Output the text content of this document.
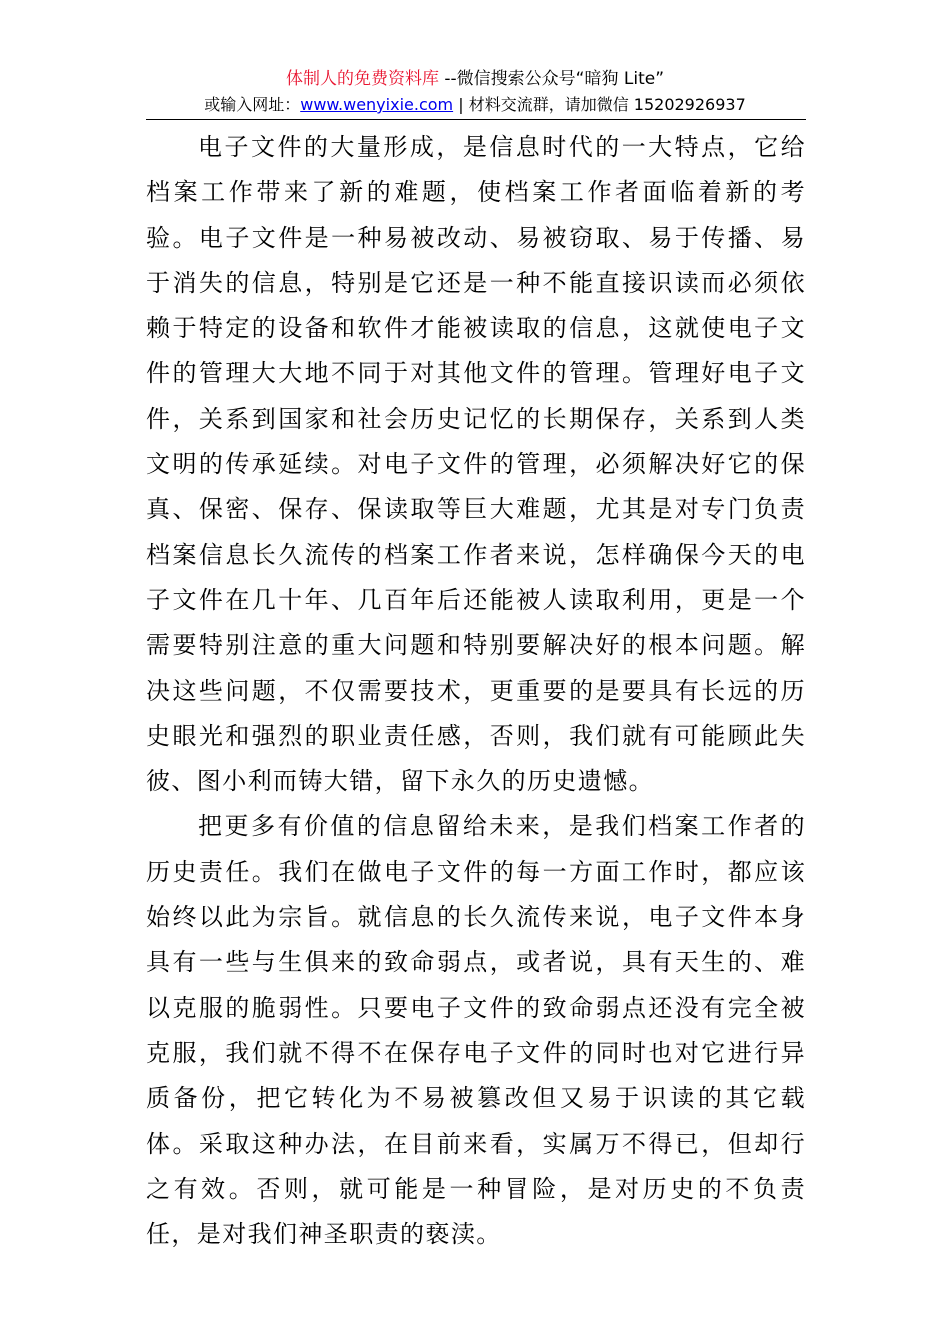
体制人的免费资料库 --微信搜索公众号“暗狗 Lite”
或输入网址：www.wenyixie.com | 材料交流群，请加微信 15202926937

电子文件的大量形成，是信息时代的一大特点，它给档案工作带来了新的难题，使档案工作者面临着新的考验。电子文件是一种易被改动、易被窃取、易于传播、易于消失的信息，特别是它还是一种不能直接识读而必须依赖于特定的设备和软件才能被读取的信息，这就使电子文件的管理大大地不同于对其他文件的管理。管理好电子文件，关系到国家和社会历史记忆的长期保存，关系到人类文明的传承延续。对电子文件的管理，必须解决好它的保真、保密、保存、保读取等巨大难题，尤其是对专门负责档案信息长久流传的档案工作者来说，怎样确保今天的电子文件在几十年、几百年后还能被人读取利用，更是一个需要特别注意的重大问题和特别要解决好的根本问题。解决这些问题，不仅需要技术，更重要的是要具有长远的历史眼光和强烈的职业责任感，否则，我们就有可能顾此失彼、图小利而铸大错，留下永久的历史遗憾。

把更多有价值的信息留给未来，是我们档案工作者的历史责任。我们在做电子文件的每一方面工作时，都应该始终以此为宗旨。就信息的长久流传来说，电子文件本身具有一些与生俱来的致命弱点，或者说，具有天生的、难以克服的脆弱性。只要电子文件的致命弱点还没有完全被克服，我们就不得不在保存电子文件的同时也对它进行异质备份，把它转化为不易被篡改但又易于识读的其它载体。采取这种办法，在目前来看，实属万不得已，但却行之有效。否则，就可能是一种冒险，是对历史的不负责任，是对我们神圣职责的亵渎。
